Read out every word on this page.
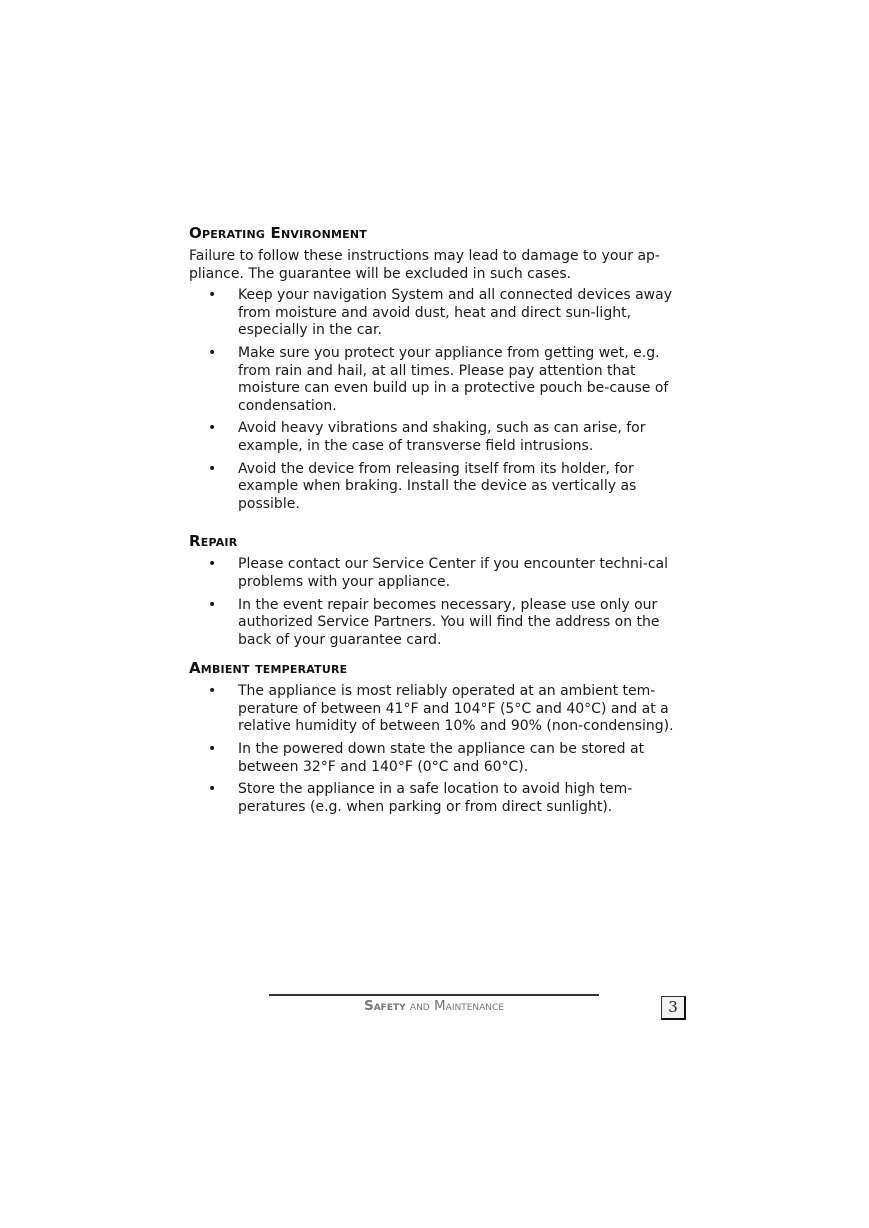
Operating Environment

Failure to follow these instructions may lead to damage to your ap-pliance. The guarantee will be excluded in such cases.

• Keep your navigation System and all connected devices away from moisture and avoid dust, heat and direct sun-light, especially in the car.
• Make sure you protect your appliance from getting wet, e.g. from rain and hail, at all times. Please pay attention that moisture can even build up in a protective pouch be-cause of condensation.
• Avoid heavy vibrations and shaking, such as can arise, for example, in the case of transverse field intrusions.
• Avoid the device from releasing itself from its holder, for example when braking. Install the device as vertically as possible.
Repair
• Please contact our Service Center if you encounter techni-cal problems with your appliance.
• In the event repair becomes necessary, please use only our authorized Service Partners. You will find the address on the back of your guarantee card.
Ambient temperature
• The appliance is most reliably operated at an ambient tem-perature of between 41°F and 104°F (5°C and 40°C) and at a relative humidity of between 10% and 90% (non-condensing).
• In the powered down state the appliance can be stored at between 32°F and 140°F (0°C and 60°C).
• Store the appliance in a safe location to avoid high tem-peratures (e.g. when parking or from direct sunlight).
Safety and Maintenance	3
